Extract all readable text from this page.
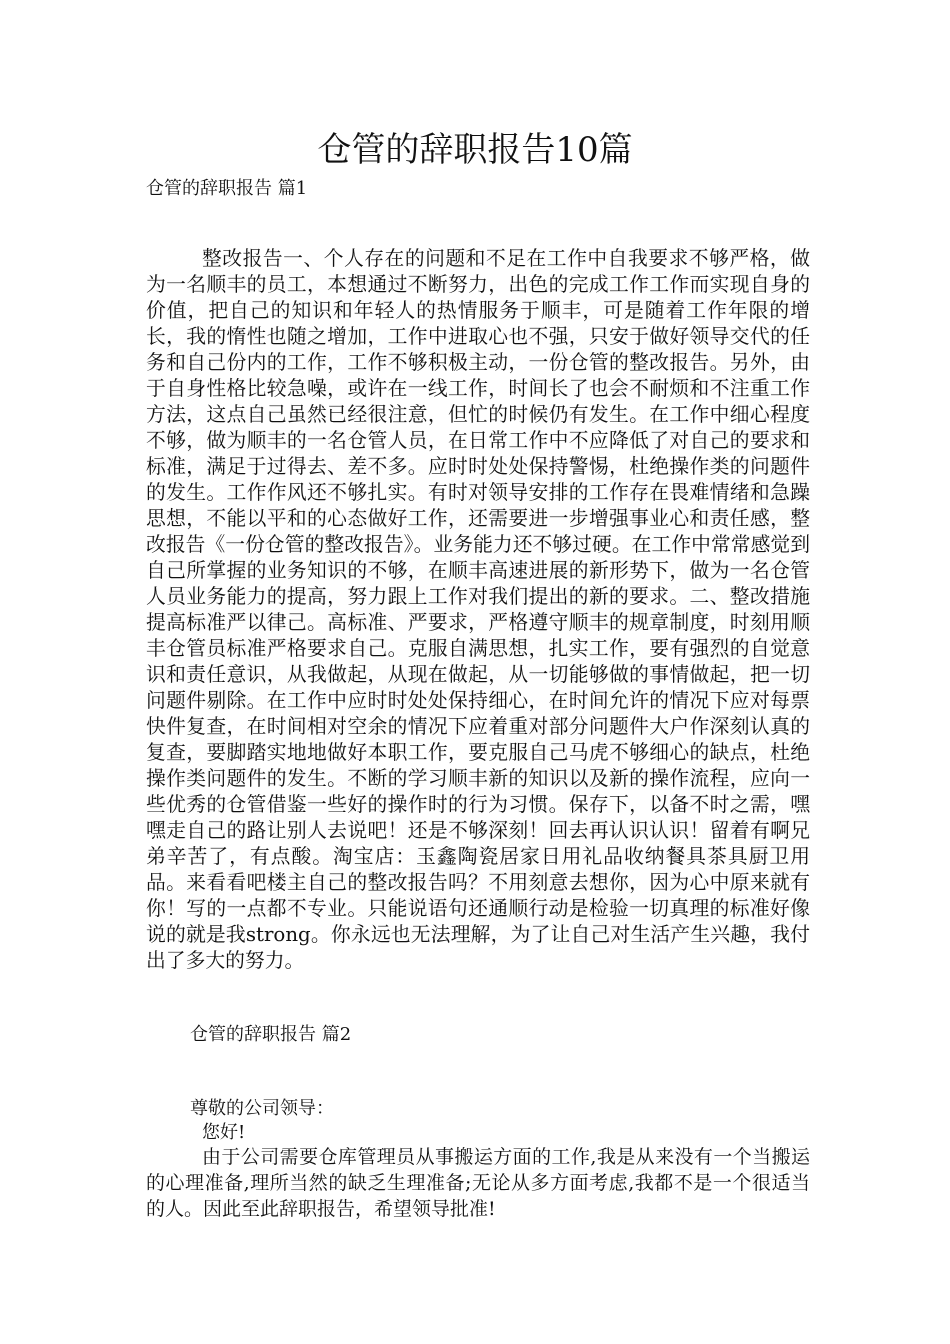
仓管的辞职报告10篇

仓管的辞职报告 篇1

整改报告一、个人存在的问题和不足在工作中自我要求不够严格，做为一名顺丰的员工，本想通过不断努力，出色的完成工作工作而实现自身的价值，把自己的知识和年轻人的热情服务于顺丰，可是随着工作年限的增长，我的惰性也随之增加，工作中进取心也不强，只安于做好领导交代的任务和自己份内的工作，工作不够积极主动，一份仓管的整改报告。另外，由于自身性格比较急噪，或许在一线工作，时间长了也会不耐烦和不注重工作方法，这点自己虽然已经很注意，但忙的时候仍有发生。在工作中细心程度不够，做为顺丰的一名仓管人员，在日常工作中不应降低了对自己的要求和标准，满足于过得去、差不多。应时时处处保持警惕，杜绝操作类的问题件的发生。工作作风还不够扎实。有时对领导安排的工作存在畏难情绪和急躁思想，不能以平和的心态做好工作，还需要进一步增强事业心和责任感，整改报告《一份仓管的整改报告》。业务能力还不够过硬。在工作中常常感觉到自己所掌握的业务知识的不够，在顺丰高速进展的新形势下，做为一名仓管人员业务能力的提高，努力跟上工作对我们提出的新的要求。二、整改措施提高标准严以律己。高标准、严要求，严格遵守顺丰的规章制度，时刻用顺丰仓管员标准严格要求自己。克服自满思想，扎实工作，要有强烈的自觉意识和责任意识，从我做起，从现在做起，从一切能够做的事情做起，把一切问题件剔除。在工作中应时时处处保持细心，在时间允许的情况下应对每票快件复查，在时间相对空余的情况下应着重对部分问题件大户作深刻认真的复查，要脚踏实地地做好本职工作，要克服自己马虎不够细心的缺点，杜绝操作类问题件的发生。不断的学习顺丰新的知识以及新的操作流程，应向一些优秀的仓管借鉴一些好的操作时的行为习惯。保存下，以备不时之需，嘿嘿走自己的路让别人去说吧！还是不够深刻！回去再认识认识！留着有啊兄弟辛苦了，有点酸。淘宝店：玉鑫陶瓷居家日用礼品收纳餐具茶具厨卫用品。来看看吧楼主自己的整改报告吗？不用刻意去想你，因为心中原来就有你！写的一点都不专业。只能说语句还通顺行动是检验一切真理的标准好像说的就是我strong。你永远也无法理解，为了让自己对生活产生兴趣，我付出了多大的努力。

仓管的辞职报告 篇2

尊敬的公司领导：

您好!

由于公司需要仓库管理员从事搬运方面的工作,我是从来没有一个当搬运的心理准备,理所当然的缺乏生理准备;无论从多方面考虑,我都不是一个很适当的人。因此至此辞职报告，希望领导批准!
